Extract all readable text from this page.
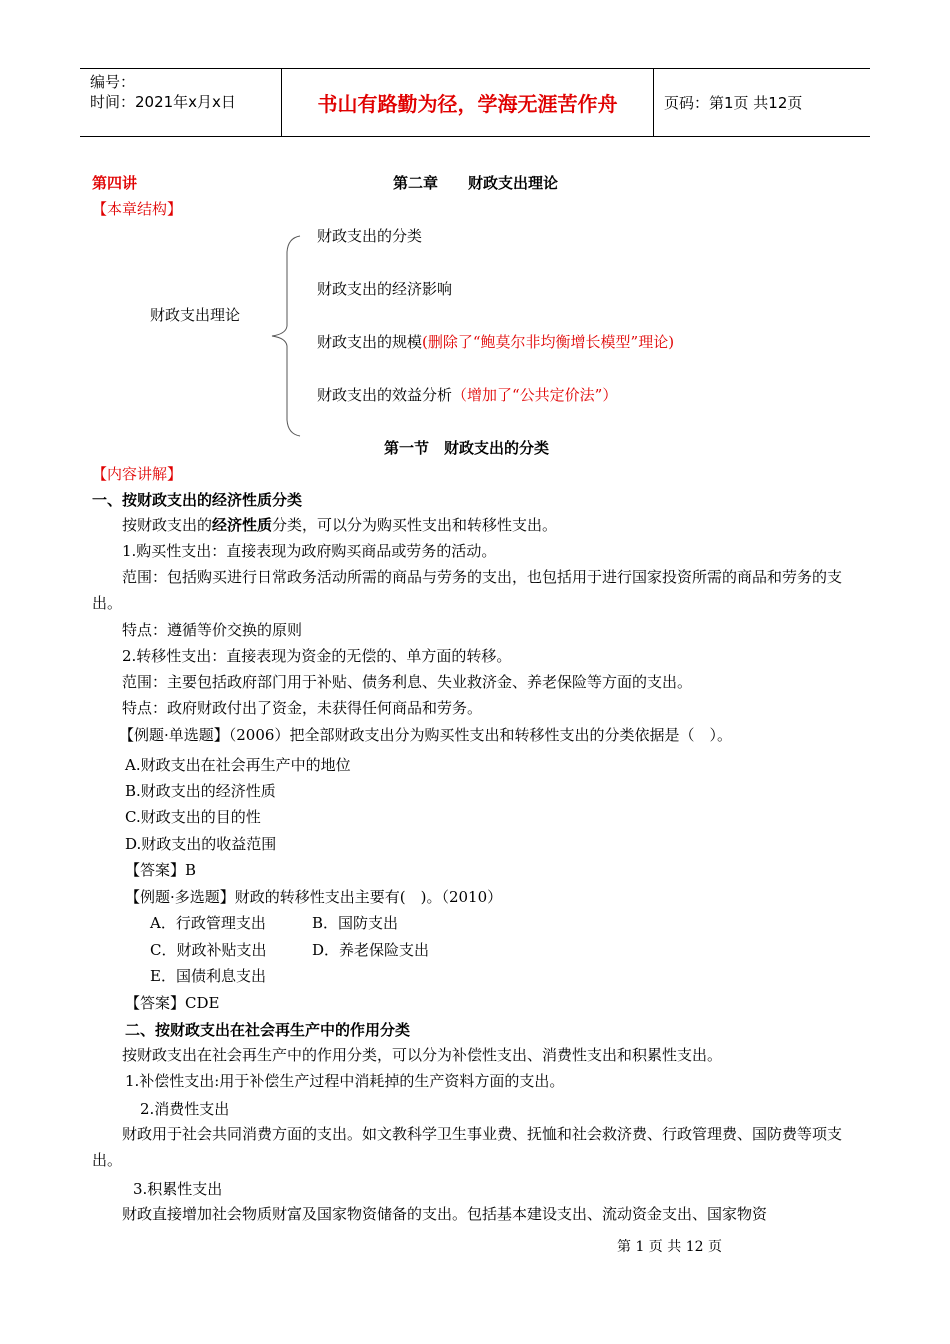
编号：
时间：2021年x月x日	书山有路勤为径，学海无涯苦作舟	页码：第1页 共12页
第四讲	第二章　　财政支出理论
【本章结构】
财政支出理论
财政支出的分类
财政支出的经济影响
财政支出的规模(删除了“鲍莫尔非均衡增长模型”理论)
财政支出的效益分析（增加了“公共定价法”）
第一节　财政支出的分类
【内容讲解】
一、按财政支出的经济性质分类
按财政支出的经济性质分类，可以分为购买性支出和转移性支出。
1.购买性支出：直接表现为政府购买商品或劳务的活动。
范围：包括购买进行日常政务活动所需的商品与劳务的支出，也包括用于进行国家投资所需的商品和劳务的支出。
特点：遵循等价交换的原则
2.转移性支出：直接表现为资金的无偿的、单方面的转移。
范围：主要包括政府部门用于补贴、债务利息、失业救济金、养老保险等方面的支出。
特点：政府财政付出了资金，未获得任何商品和劳务。
【例题·单选题】（2006）把全部财政支出分为购买性支出和转移性支出的分类依据是（　）。
A.财政支出在社会再生产中的地位
B.财政支出的经济性质
C.财政支出的目的性
D.财政支出的收益范围
【答案】B
【例题·多选题】财政的转移性支出主要有(　)。（2010）
A．行政管理支出	B．国防支出
C．财政补贴支出	D．养老保险支出
E．国债利息支出
【答案】CDE
二、按财政支出在社会再生产中的作用分类
按财政支出在社会再生产中的作用分类，可以分为补偿性支出、消费性支出和积累性支出。
1.补偿性支出:用于补偿生产过程中消耗掉的生产资料方面的支出。
2.消费性支出
财政用于社会共同消费方面的支出。如文教科学卫生事业费、抚恤和社会救济费、行政管理费、国防费等项支出。
3.积累性支出
财政直接增加社会物质财富及国家物资储备的支出。包括基本建设支出、流动资金支出、国家物资
第 1 页 共 12 页
